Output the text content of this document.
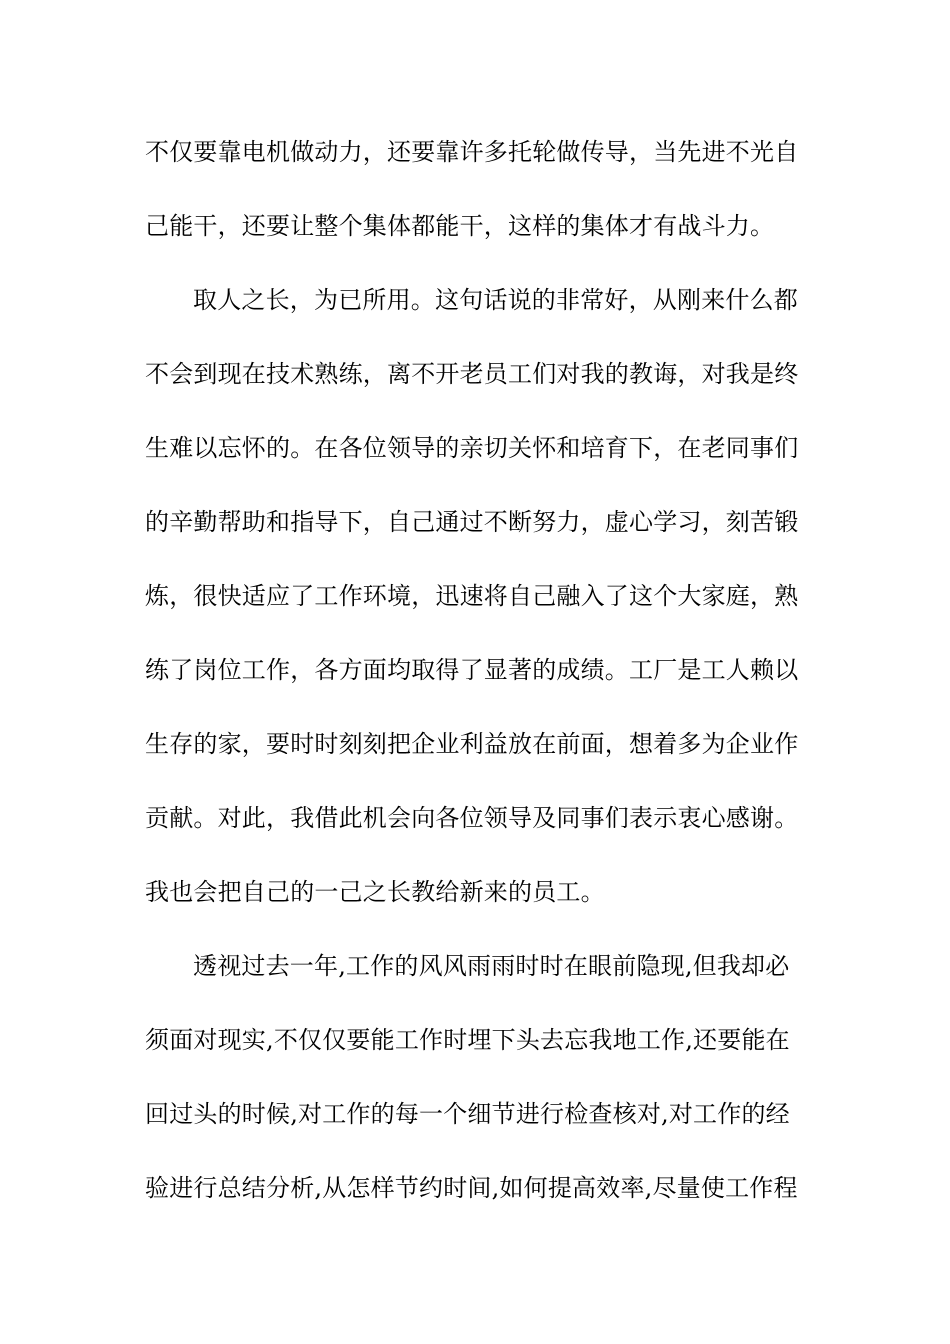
不仅要靠电机做动力，还要靠许多托轮做传导，当先进不光自
己能干，还要让整个集体都能干，这样的集体才有战斗力。
取人之长，为已所用。这句话说的非常好，从刚来什么都
不会到现在技术熟练，离不开老员工们对我的教诲，对我是终
生难以忘怀的。在各位领导的亲切关怀和培育下，在老同事们
的辛勤帮助和指导下，自己通过不断努力，虚心学习，刻苦锻
炼，很快适应了工作环境，迅速将自己融入了这个大家庭，熟
练了岗位工作，各方面均取得了显著的成绩。工厂是工人赖以
生存的家，要时时刻刻把企业利益放在前面，想着多为企业作
贡献。对此，我借此机会向各位领导及同事们表示衷心感谢。
我也会把自己的一己之长教给新来的员工。
透视过去一年,工作的风风雨雨时时在眼前隐现,但我却必
须面对现实,不仅仅要能工作时埋下头去忘我地工作,还要能在
回过头的时候,对工作的每一个细节进行检查核对,对工作的经
验进行总结分析,从怎样节约时间,如何提高效率,尽量使工作程
